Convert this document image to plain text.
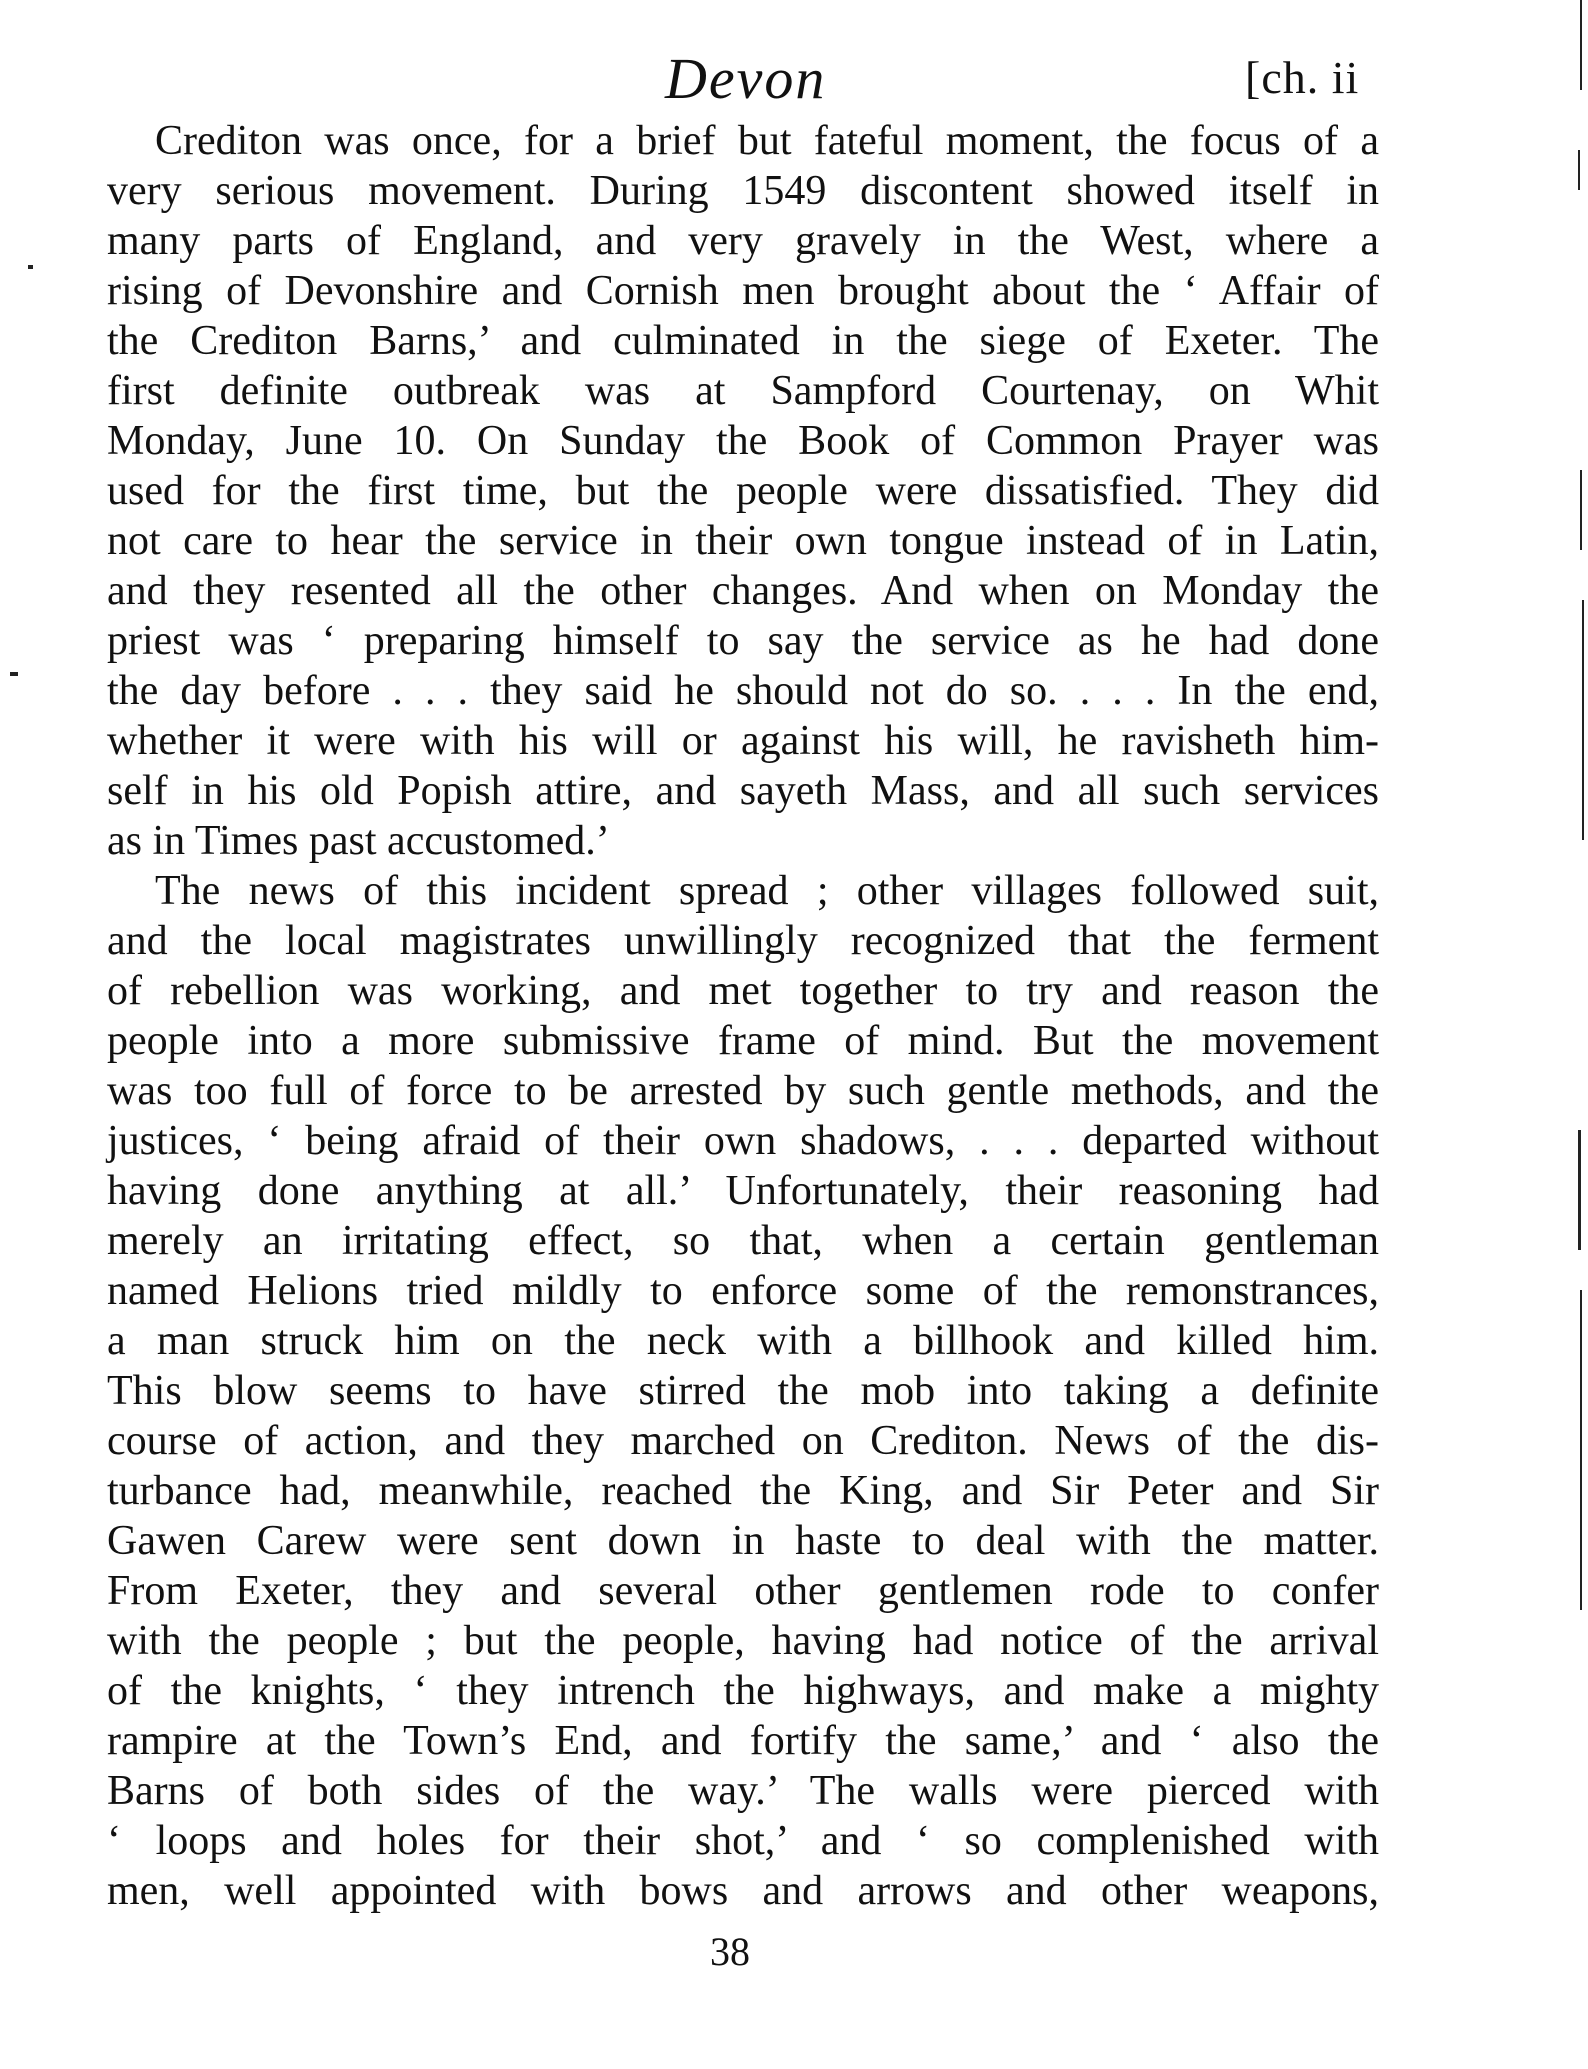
Devon	[ch. ii
Crediton was once, for a brief but fateful moment, the focus of a
very serious movement. During 1549 discontent showed itself in
many parts of England, and very gravely in the West, where a
rising of Devonshire and Cornish men brought about the ‘ Affair of
the Crediton Barns,’ and culminated in the siege of Exeter. The
first definite outbreak was at Sampford Courtenay, on Whit
Monday, June 10. On Sunday the Book of Common Prayer was
used for the first time, but the people were dissatisfied. They did
not care to hear the service in their own tongue instead of in Latin,
and they resented all the other changes. And when on Monday the
priest was ‘ preparing himself to say the service as he had done
the day before . . . they said he should not do so. . . . In the end,
whether it were with his will or against his will, he ravisheth him-
self in his old Popish attire, and sayeth Mass, and all such services
as in Times past accustomed.’
The news of this incident spread ; other villages followed suit,
and the local magistrates unwillingly recognized that the ferment
of rebellion was working, and met together to try and reason the
people into a more submissive frame of mind. But the movement
was too full of force to be arrested by such gentle methods, and the
justices, ‘ being afraid of their own shadows, . . . departed without
having done anything at all.’ Unfortunately, their reasoning had
merely an irritating effect, so that, when a certain gentleman
named Helions tried mildly to enforce some of the remonstrances,
a man struck him on the neck with a billhook and killed him.
This blow seems to have stirred the mob into taking a definite
course of action, and they marched on Crediton. News of the dis-
turbance had, meanwhile, reached the King, and Sir Peter and Sir
Gawen Carew were sent down in haste to deal with the matter.
From Exeter, they and several other gentlemen rode to confer
with the people ; but the people, having had notice of the arrival
of the knights, ‘ they intrench the highways, and make a mighty
rampire at the Town’s End, and fortify the same,’ and ‘ also the
Barns of both sides of the way.’ The walls were pierced with
‘ loops and holes for their shot,’ and ‘ so complenished with
men, well appointed with bows and arrows and other weapons,
38
